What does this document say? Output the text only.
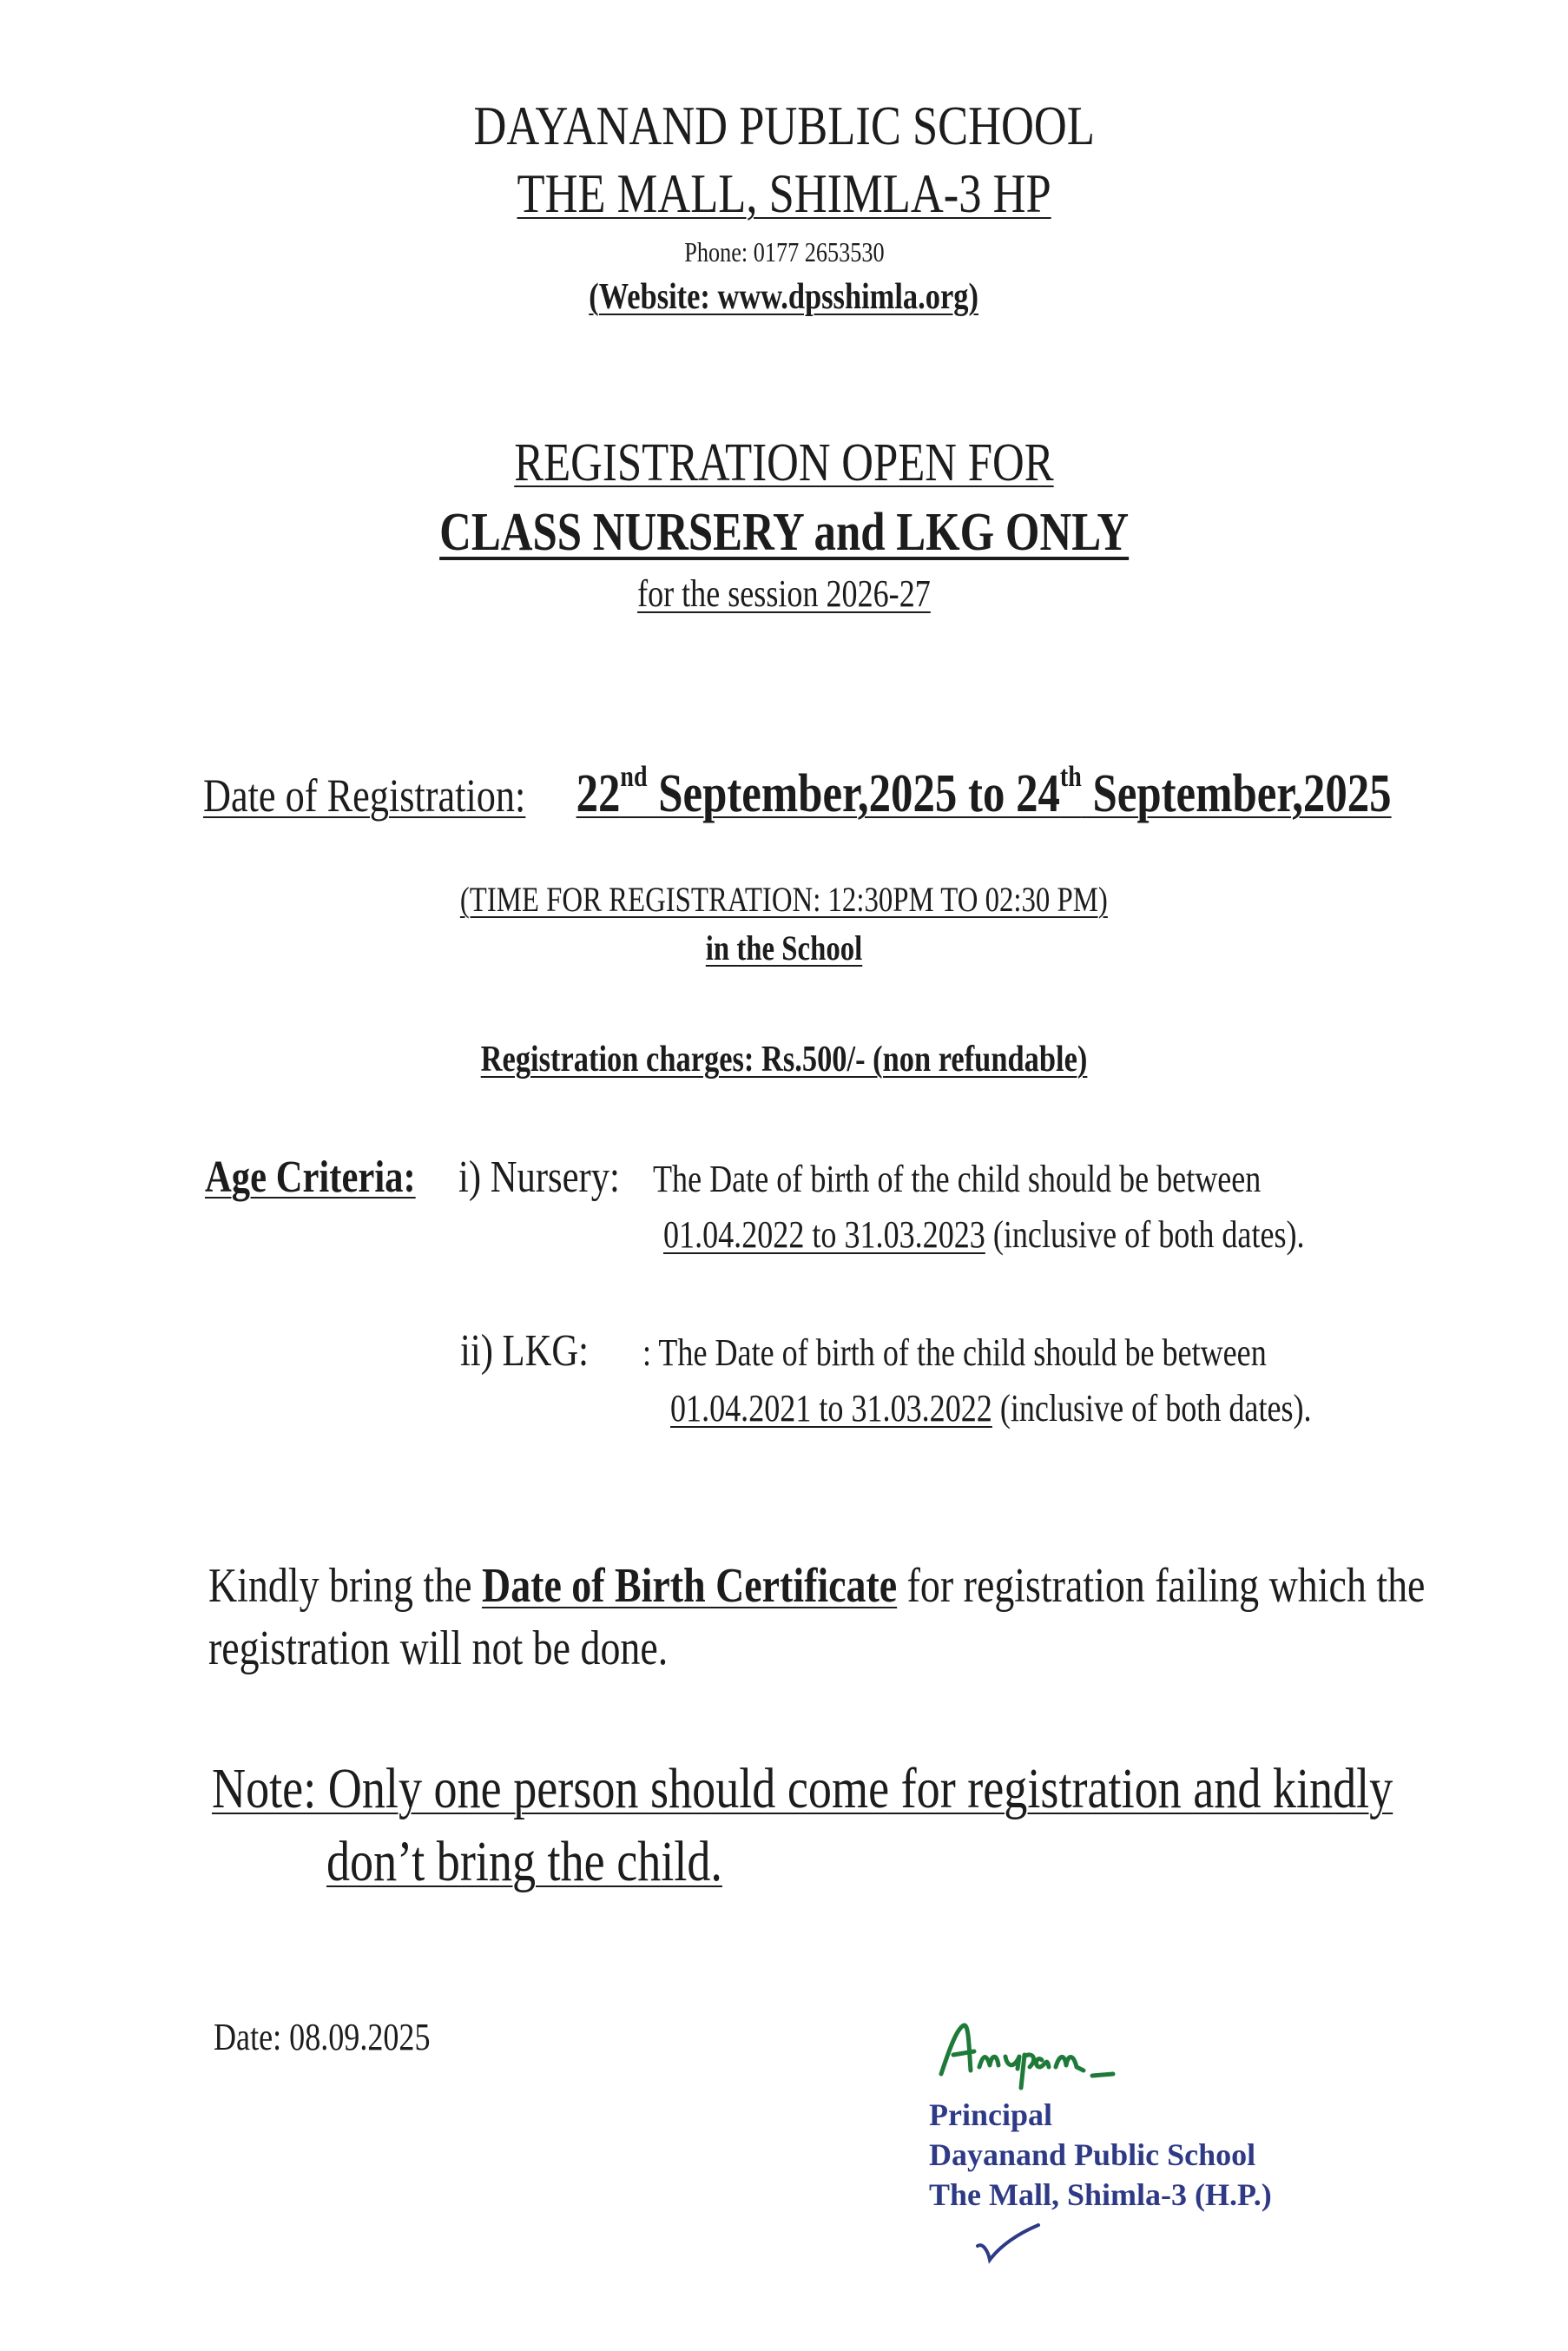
DAYANAND PUBLIC SCHOOL
THE MALL, SHIMLA-3 HP
Phone: 0177 2653530
(Website: www.dpsshimla.org)
REGISTRATION OPEN FOR
CLASS NURSERY and LKG ONLY
for the session 2026-27
Date of Registration: 22nd September,2025 to 24th September,2025
(TIME FOR REGISTRATION: 12:30PM TO 02:30 PM)
in the School
Registration charges: Rs.500/- (non refundable)
Age Criteria: i) Nursery: The Date of birth of the child should be between
01.04.2022 to 31.03.2023 (inclusive of both dates).
ii) LKG:	: The Date of birth of the child should be between
01.04.2021 to 31.03.2022 (inclusive of both dates).
Kindly bring the Date of Birth Certificate for registration failing which the
registration will not be done.
Note: Only one person should come for registration and kindly
don’t bring the child.
Date: 08.09.2025
Principal
Dayanand Public School
The Mall, Shimla-3 (H.P.)
